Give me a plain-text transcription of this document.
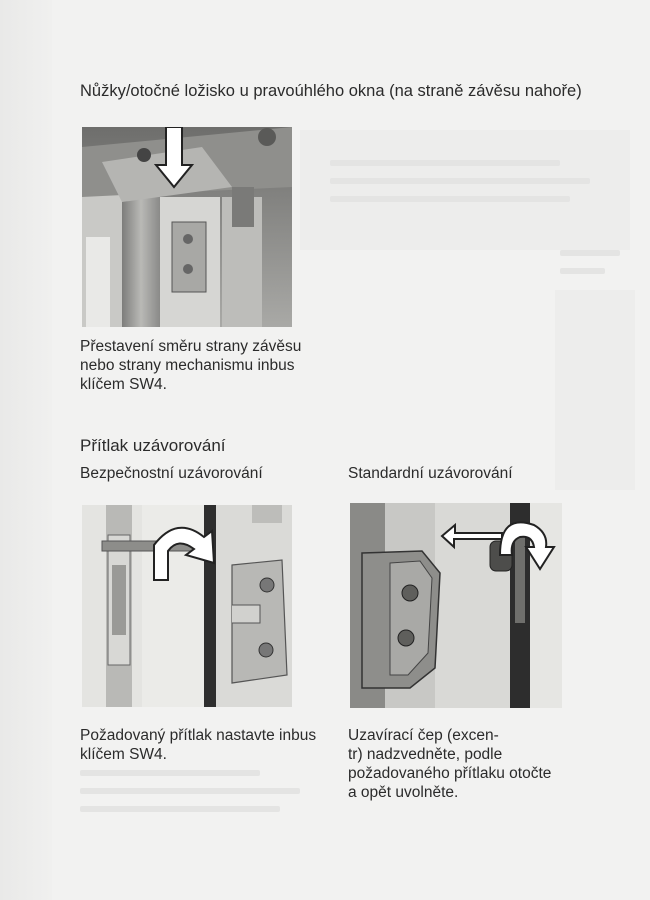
Nůžky/otočné ložisko u pravoúhlého okna (na straně závěsu nahoře)

Přestavení směru strany závěsu
nebo strany mechanismu inbus
klíčem SW4.

Přítlak uzávorování

Bezpečnostní uzávorování	Standardní uzávorování

Požadovaný přítlak nastavte inbus
klíčem SW4.

Uzavírací čep (excen-
tr) nadzvedněte, podle
požadovaného přítlaku otočte
a opět uvolněte.
